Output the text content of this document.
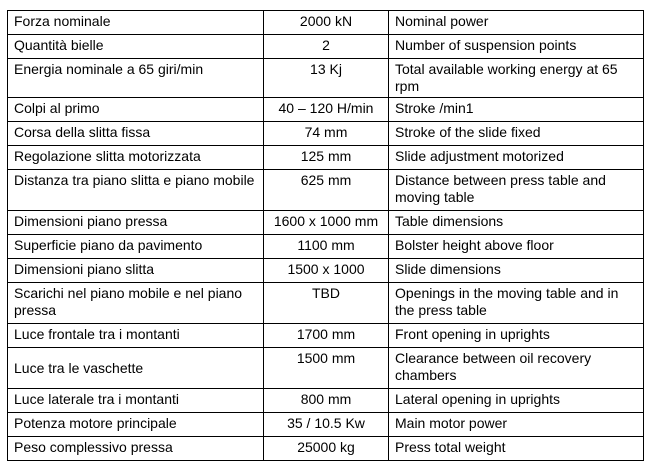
Forza nominale	2000 kN	Nominal power
Quantità bielle	2	Number of suspension points
Energia nominale a 65 giri/min	13 Kj	Total available working energy at 65 rpm
Colpi al primo	40 – 120 H/min	Stroke /min1
Corsa della slitta fissa	74 mm	Stroke of the slide fixed
Regolazione slitta motorizzata	125 mm	Slide adjustment motorized
Distanza tra piano slitta e piano mobile	625 mm	Distance between press table and moving table
Dimensioni piano pressa	1600 x 1000 mm	Table dimensions
Superficie piano da pavimento	1100 mm	Bolster height above floor
Dimensioni piano slitta	1500 x 1000	Slide dimensions
Scarichi nel piano mobile e nel piano pressa	TBD	Openings in the moving table and in the press table
Luce frontale tra i montanti	1700 mm	Front opening in uprights
Luce tra le vaschette	1500 mm	Clearance between oil recovery chambers
Luce laterale tra i montanti	800 mm	Lateral opening in uprights
Potenza motore principale	35 / 10.5 Kw	Main motor power
Peso complessivo pressa	25000 kg	Press total weight
